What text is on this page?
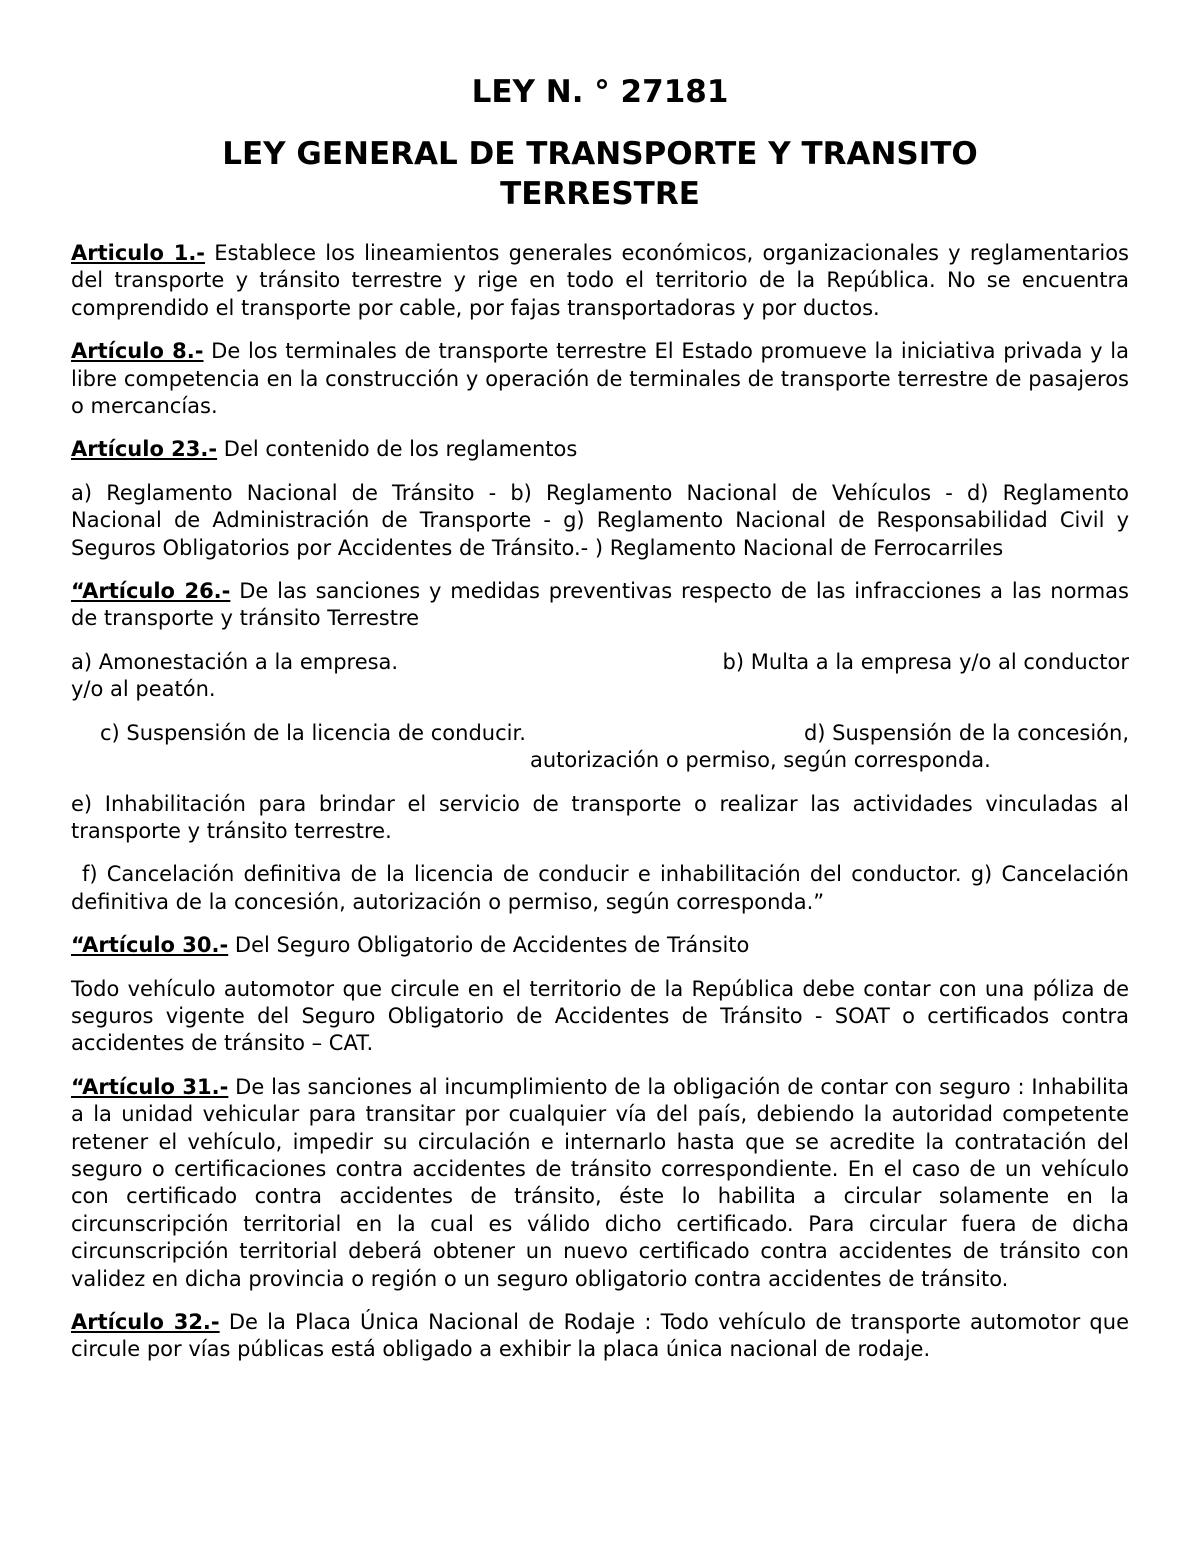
LEY N. ° 27181
LEY GENERAL DE TRANSPORTE Y TRANSITO
TERRESTRE

Articulo 1.- Establece los lineamientos generales económicos, organizacionales y reglamentarios del transporte y tránsito terrestre y rige en todo el territorio de la República. No se encuentra comprendido el transporte por cable, por fajas transportadoras y por ductos.

Artículo 8.- De los terminales de transporte terrestre El Estado promueve la iniciativa privada y la libre competencia en la construcción y operación de terminales de transporte terrestre de pasajeros o mercancías.

Artículo 23.- Del contenido de los reglamentos

a) Reglamento Nacional de Tránsito - b) Reglamento Nacional de Vehículos - d) Reglamento Nacional de Administración de Transporte - g) Reglamento Nacional de Responsabilidad Civil y Seguros Obligatorios por Accidentes de Tránsito.- ) Reglamento Nacional de Ferrocarriles

“Artículo 26.- De las sanciones y medidas preventivas respecto de las infracciones a las normas de transporte y tránsito Terrestre

a) Amonestación a la empresa.	b) Multa a la empresa y/o al conductor
y/o al peatón.
c) Suspensión de la licencia de conducir.	d) Suspensión de la concesión,
autorización o permiso, según corresponda.

e) Inhabilitación para brindar el servicio de transporte o realizar las actividades vinculadas al transporte y tránsito terrestre.

f) Cancelación definitiva de la licencia de conducir e inhabilitación del conductor. g) Cancelación definitiva de la concesión, autorización o permiso, según corresponda.”

“Artículo 30.- Del Seguro Obligatorio de Accidentes de Tránsito

Todo vehículo automotor que circule en el territorio de la República debe contar con una póliza de seguros vigente del Seguro Obligatorio de Accidentes de Tránsito - SOAT o certificados contra accidentes de tránsito – CAT.

“Artículo 31.- De las sanciones al incumplimiento de la obligación de contar con seguro : Inhabilita a la unidad vehicular para transitar por cualquier vía del país, debiendo la autoridad competente retener el vehículo, impedir su circulación e internarlo hasta que se acredite la contratación del seguro o certificaciones contra accidentes de tránsito correspondiente. En el caso de un vehículo con certificado contra accidentes de tránsito, éste lo habilita a circular solamente en la circunscripción territorial en la cual es válido dicho certificado. Para circular fuera de dicha circunscripción territorial deberá obtener un nuevo certificado contra accidentes de tránsito con validez en dicha provincia o región o un seguro obligatorio contra accidentes de tránsito.

Artículo 32.- De la Placa Única Nacional de Rodaje : Todo vehículo de transporte automotor que circule por vías públicas está obligado a exhibir la placa única nacional de rodaje.
